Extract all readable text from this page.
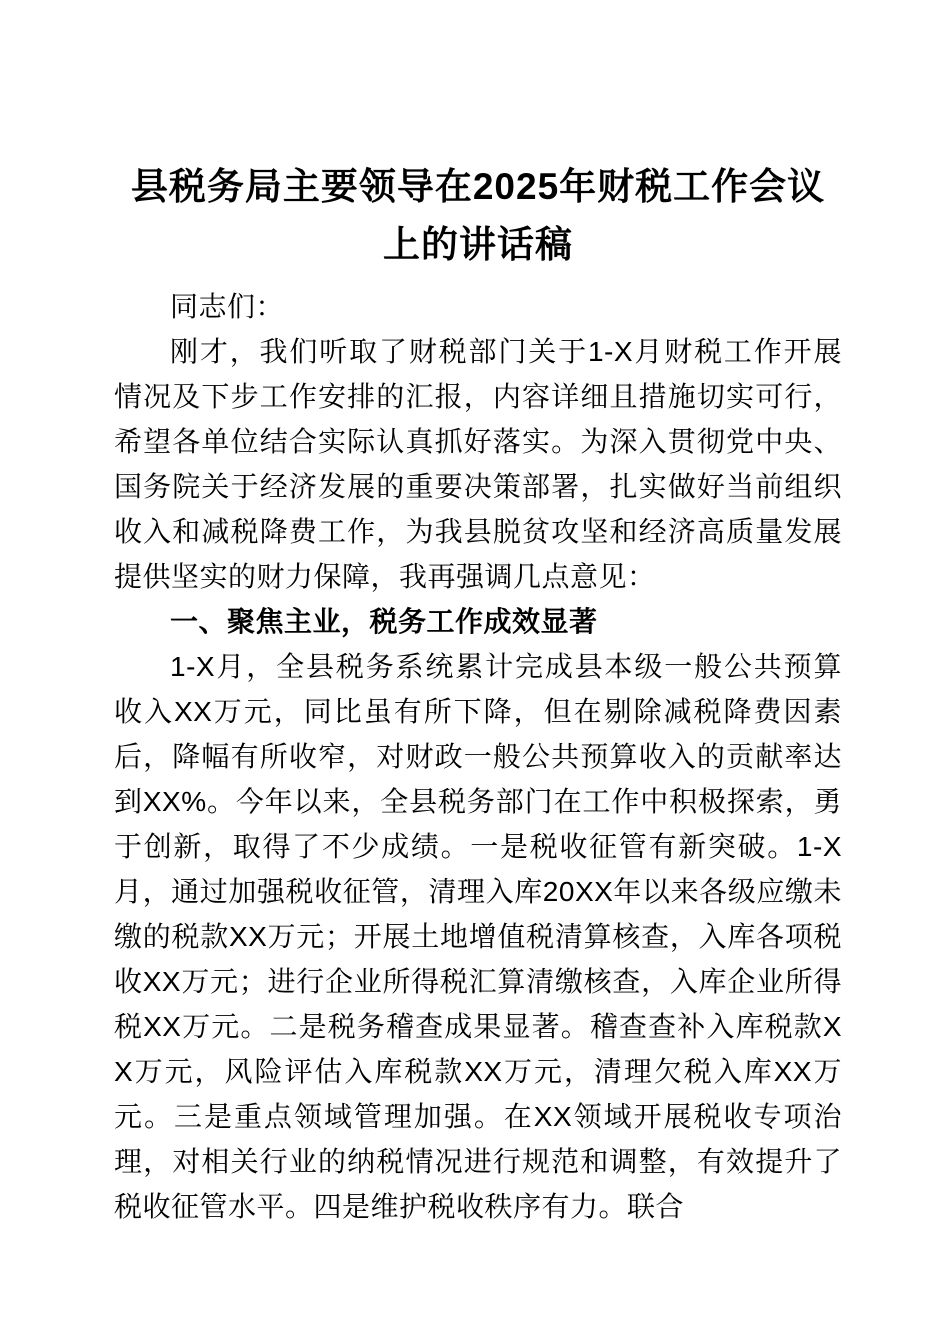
县税务局主要领导在2025年财税工作会议上的讲话稿

同志们：

刚才，我们听取了财税部门关于1-X月财税工作开展情况及下步工作安排的汇报，内容详细且措施切实可行，希望各单位结合实际认真抓好落实。为深入贯彻党中央、国务院关于经济发展的重要决策部署，扎实做好当前组织收入和减税降费工作，为我县脱贫攻坚和经济高质量发展提供坚实的财力保障，我再强调几点意见：

一、聚焦主业，税务工作成效显著

1-X月，全县税务系统累计完成县本级一般公共预算收入XX万元，同比虽有所下降，但在剔除减税降费因素后，降幅有所收窄，对财政一般公共预算收入的贡献率达到XX%。今年以来，全县税务部门在工作中积极探索，勇于创新，取得了不少成绩。一是税收征管有新突破。1-X月，通过加强税收征管，清理入库20XX年以来各级应缴未缴的税款XX万元；开展土地增值税清算核查，入库各项税收XX万元；进行企业所得税汇算清缴核查，入库企业所得税XX万元。二是税务稽查成果显著。稽查查补入库税款XX万元，风险评估入库税款XX万元，清理欠税入库XX万元。三是重点领域管理加强。在XX领域开展税收专项治理，对相关行业的纳税情况进行规范和调整，有效提升了税收征管水平。四是维护税收秩序有力。联合
